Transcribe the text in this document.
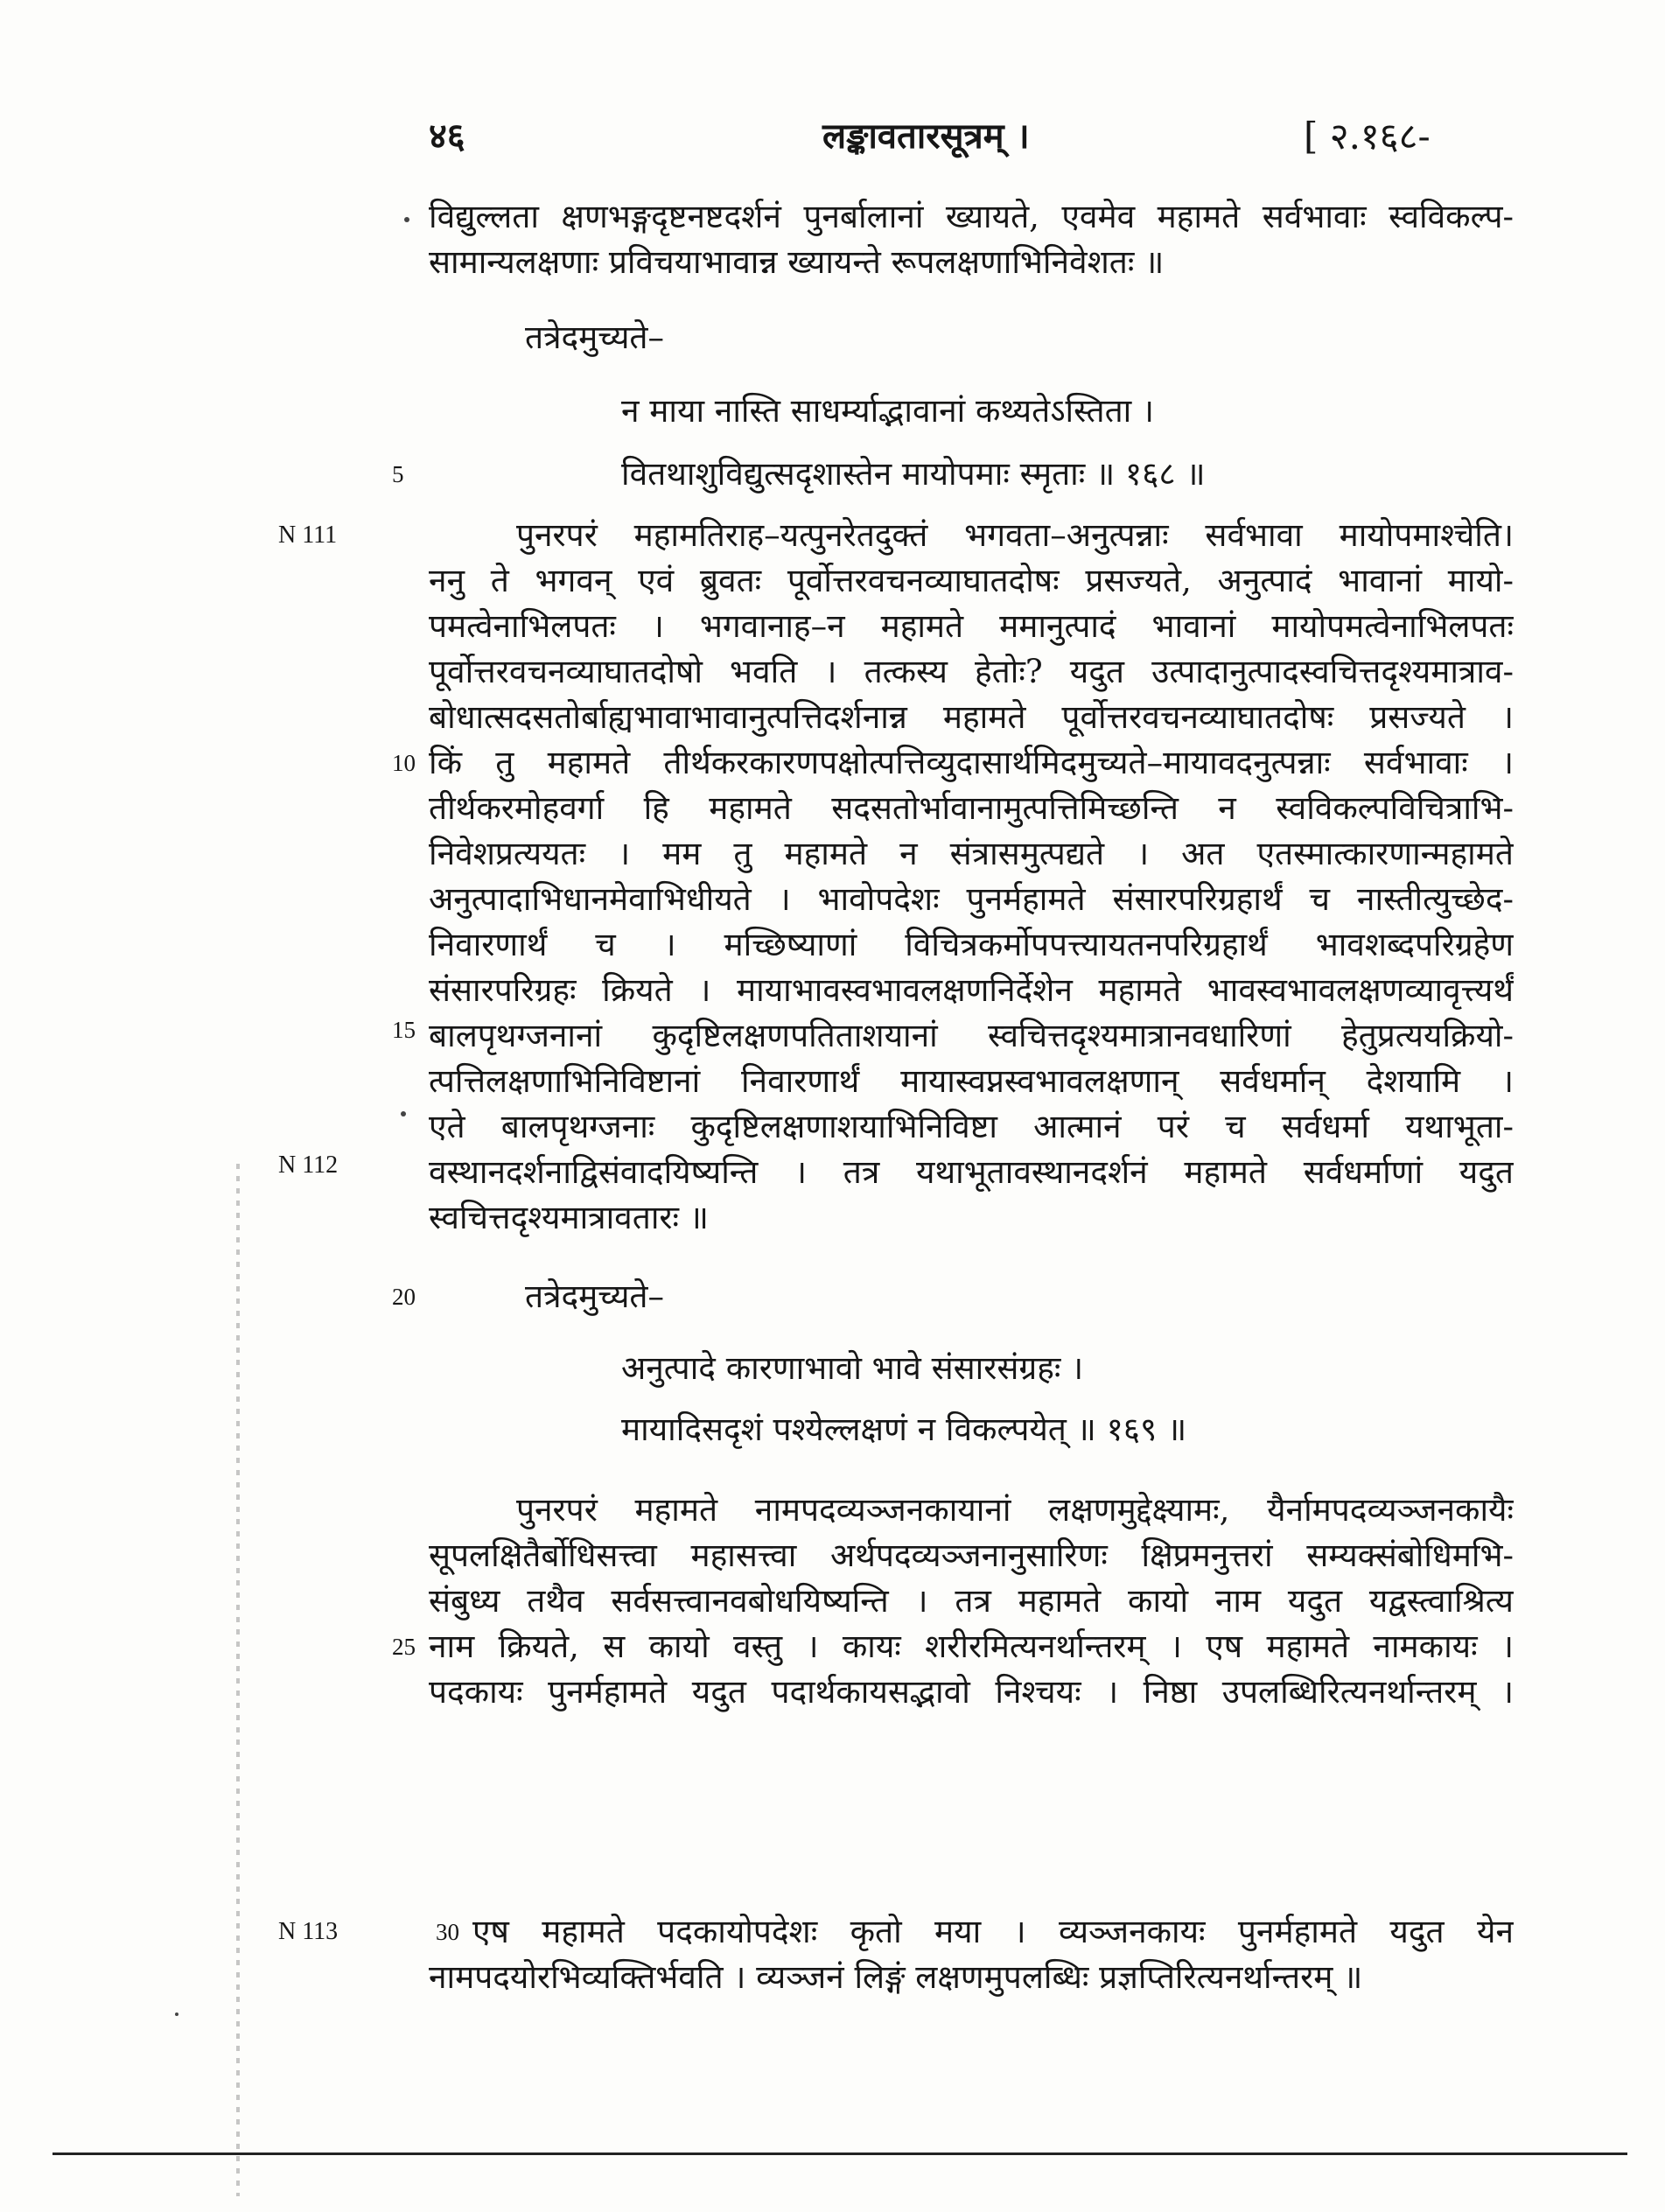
४६	लङ्कावतारसूत्रम् ।	[ २.१६८-
N 111
N 112
N 113
5
10
15
20
25
30
विद्युल्लता क्षणभङ्गदृष्टनष्टदर्शनं पुनर्बालानां ख्यायते, एवमेव महामते सर्वभावाः स्वविकल्प-
सामान्यलक्षणाः प्रविचयाभावान्न ख्यायन्ते रूपलक्षणाभिनिवेशतः ॥
तत्रेदमुच्यते–
न माया नास्ति साधर्म्याद्भावानां कथ्यतेऽस्तिता ।
वितथाशुविद्युत्सदृशास्तेन मायोपमाः स्मृताः ॥ १६८ ॥
पुनरपरं महामतिराह–यत्पुनरेतदुक्तं भगवता–अनुत्पन्नाः सर्वभावा मायोपमाश्चेति।
ननु ते भगवन् एवं ब्रुवतः पूर्वोत्तरवचनव्याघातदोषः प्रसज्यते, अनुत्पादं भावानां मायो-
पमत्वेनाभिलपतः । भगवानाह–न महामते ममानुत्पादं भावानां मायोपमत्वेनाभिलपतः
पूर्वोत्तरवचनव्याघातदोषो भवति । तत्कस्य हेतोः? यदुत उत्पादानुत्पादस्वचित्तदृश्यमात्राव-
बोधात्सदसतोर्बाह्यभावाभावानुत्पत्तिदर्शनान्न महामते पूर्वोत्तरवचनव्याघातदोषः प्रसज्यते ।
किं तु महामते तीर्थकरकारणपक्षोत्पत्तिव्युदासार्थमिदमुच्यते–मायावदनुत्पन्नाः सर्वभावाः ।
तीर्थकरमोहवर्गा हि महामते सदसतोर्भावानामुत्पत्तिमिच्छन्ति न स्वविकल्पविचित्राभि-
निवेशप्रत्ययतः । मम तु महामते न संत्रासमुत्पद्यते । अत एतस्मात्कारणान्महामते
अनुत्पादाभिधानमेवाभिधीयते । भावोपदेशः पुनर्महामते संसारपरिग्रहार्थं च नास्तीत्युच्छेद-
निवारणार्थं च । मच्छिष्याणां विचित्रकर्मोपपत्त्यायतनपरिग्रहार्थं भावशब्दपरिग्रहेण
संसारपरिग्रहः क्रियते । मायाभावस्वभावलक्षणनिर्देशेन महामते भावस्वभावलक्षणव्यावृत्त्यर्थं
बालपृथग्जनानां कुदृष्टिलक्षणपतिताशयानां स्वचित्तदृश्यमात्रानवधारिणां हेतुप्रत्ययक्रियो-
त्पत्तिलक्षणाभिनिविष्टानां निवारणार्थं मायास्वप्नस्वभावलक्षणान् सर्वधर्मान् देशयामि ।
एते बालपृथग्जनाः कुदृष्टिलक्षणाशयाभिनिविष्टा आत्मानं परं च सर्वधर्मा यथाभूता-
वस्थानदर्शनाद्विसंवादयिष्यन्ति । तत्र यथाभूतावस्थानदर्शनं महामते सर्वधर्माणां यदुत
स्वचित्तदृश्यमात्रावतारः ॥
तत्रेदमुच्यते–
अनुत्पादे कारणाभावो भावे संसारसंग्रहः ।
मायादिसदृशं पश्येल्लक्षणं न विकल्पयेत् ॥ १६९ ॥
पुनरपरं महामते नामपदव्यञ्जनकायानां लक्षणमुद्देक्ष्यामः, यैर्नामपदव्यञ्जनकायैः
सूपलक्षितैर्बोधिसत्त्वा महासत्त्वा अर्थपदव्यञ्जनानुसारिणः क्षिप्रमनुत्तरां सम्यक्संबोधिमभि-
संबुध्य तथैव सर्वसत्त्वानवबोधयिष्यन्ति । तत्र महामते कायो नाम यदुत यद्वस्त्वाश्रित्य
नाम क्रियते, स कायो वस्तु । कायः शरीरमित्यनर्थान्तरम् । एष महामते नामकायः ।
पदकायः पुनर्महामते यदुत पदार्थकायसद्भावो निश्चयः । निष्ठा उपलब्धिरित्यनर्थान्तरम् ।
एष महामते पदकायोपदेशः कृतो मया । व्यञ्जनकायः पुनर्महामते यदुत येन
नामपदयोरभिव्यक्तिर्भवति । व्यञ्जनं लिङ्गं लक्षणमुपलब्धिः प्रज्ञप्तिरित्यनर्थान्तरम् ॥
